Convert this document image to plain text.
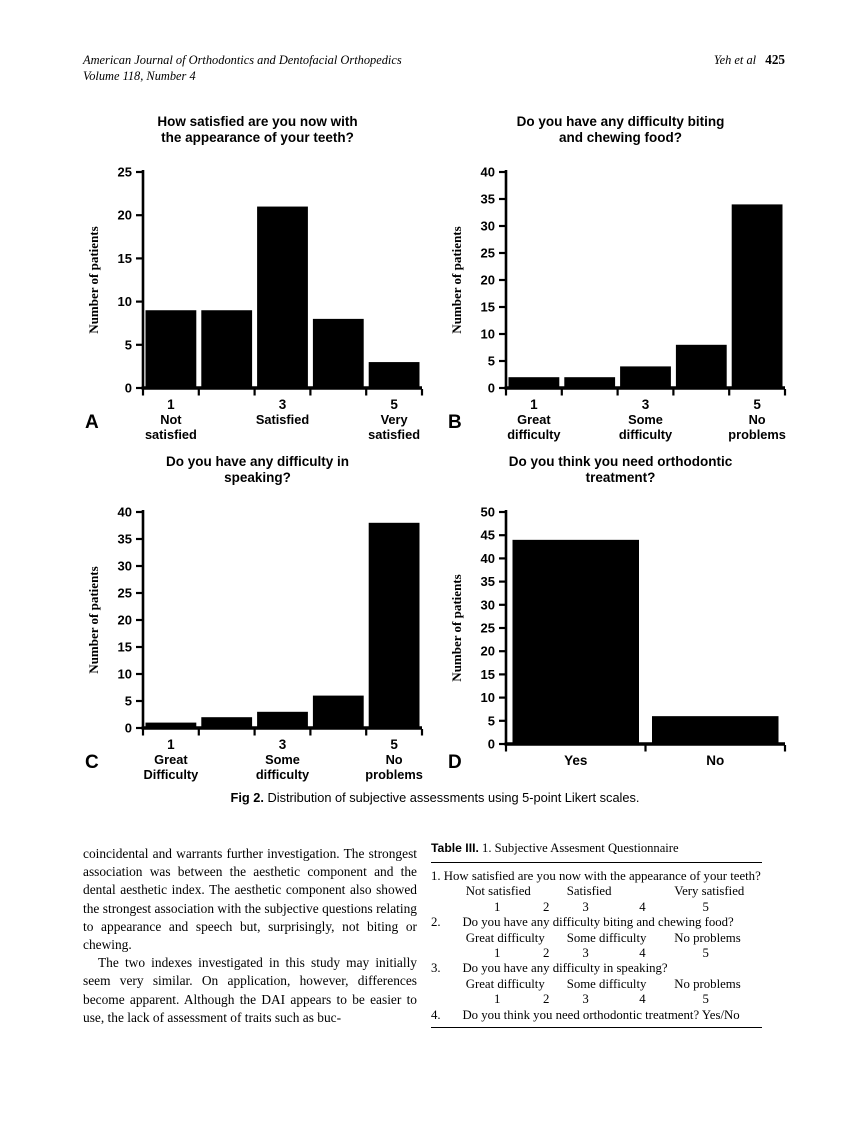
American Journal of Orthodontics and Dentofacial Orthopedics
Volume 118, Number 4
Yeh et al 425
How satisfied are you now with
the appearance of your teeth?
0
5
10
15
20
25
1
Not
satisfied
3
Satisfied
5
Very
satisfied
Number of patients
A
Do you have any difficulty biting
and chewing food?
0
5
10
15
20
25
30
35
40
1
Great
difficulty
3
Some
difficulty
5
No
problems
Number of patients
B
Do you have any difficulty in
speaking?
0
5
10
15
20
25
30
35
40
1
Great
Difficulty
3
Some
difficulty
5
No
problems
Number of patients
C
Do you think you need orthodontic
treatment?
0
5
10
15
20
25
30
35
40
45
50
Yes	No
Number of patients
D
Fig 2. Distribution of subjective assessments using 5-point Likert scales.

coincidental and warrants further investigation. The strongest association was between the aesthetic component and the dental aesthetic index. The aesthetic component also showed the strongest association with the subjective questions relating to appearance and speech but, surprisingly, not biting or chewing.

The two indexes investigated in this study may initially seem very similar. On application, however, differences become apparent. Although the DAI appears to be easier to use, the lack of assessment of traits such as buc-

Table III. 1. Subjective Assesment Questionnaire
1. How satisfied are you now with the appearance of your teeth?
Not satisfied	Satisfied	Very satisfied
1	2	3	4	5
2. Do you have any difficulty biting and chewing food?
Great difficulty Some difficulty No problems
1	2	3	4	5
3. Do you have any difficulty in speaking?
Great difficulty Some difficulty No problems
1	2	3	4	5
4. Do you think you need orthodontic treatment? Yes/No
